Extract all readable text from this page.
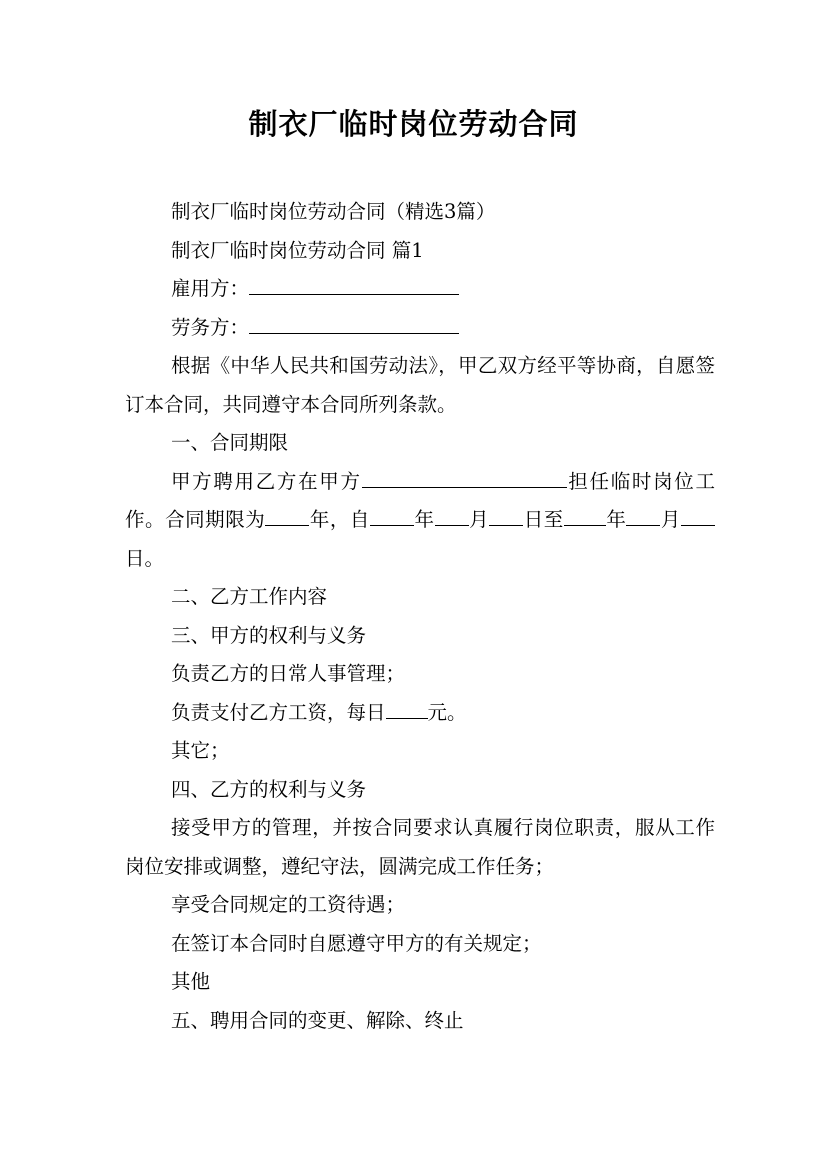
制衣厂临时岗位劳动合同

制衣厂临时岗位劳动合同（精选3篇）

制衣厂临时岗位劳动合同 篇1

雇用方：

劳务方：

根据《中华人民共和国劳动法》，甲乙双方经平等协商，自愿签订本合同，共同遵守本合同所列条款。

一、合同期限

甲方聘用乙方在甲方	担任临时岗位工作。合同期限为 年，自 年 月 日至 年 月日。

二、乙方工作内容

三、甲方的权利与义务

负责乙方的日常人事管理；

负责支付乙方工资，每日 元。

其它；

四、乙方的权利与义务

接受甲方的管理，并按合同要求认真履行岗位职责，服从工作岗位安排或调整，遵纪守法，圆满完成工作任务；

享受合同规定的工资待遇；

在签订本合同时自愿遵守甲方的有关规定；

其他

五、聘用合同的变更、解除、终止
